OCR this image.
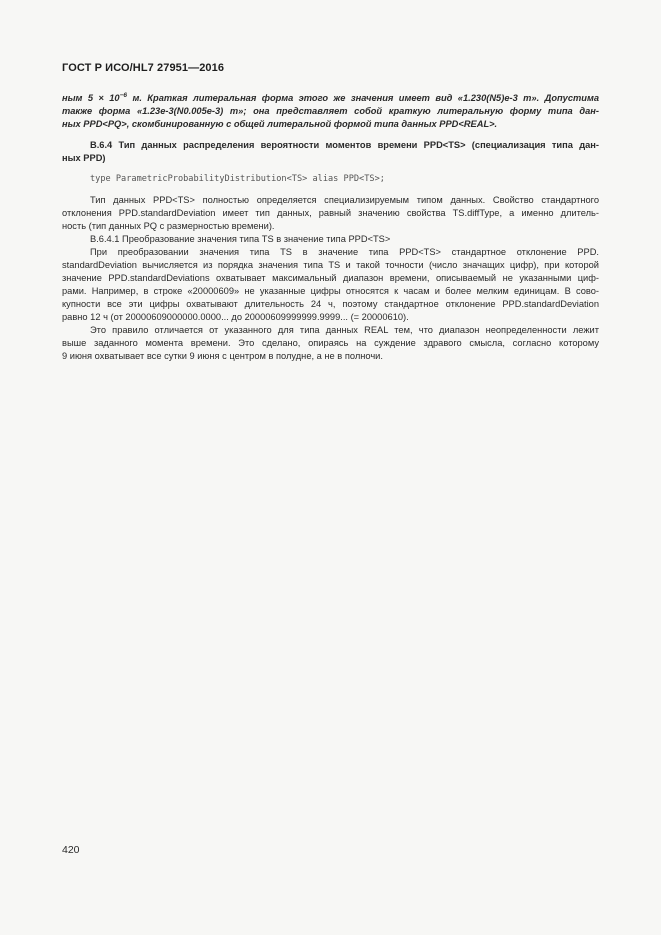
ГОСТ Р ИСО/HL7 27951—2016
ным $5 \times 10^{-6}$ м. Краткая литеральная форма этого же значения имеет вид «1.230(N5)e-3 m». Допустима
также форма «1.23e-3(N0.005e-3) m»; она представляет собой краткую литеральную форму типа дан-
ных PPD<PQ>, скомбинированную с общей литеральной формой типа данных PPD<REAL>.
В.6.4 Тип данных распределения вероятности моментов времени PPD<TS> (специализация типа дан-
ных PPD)
type ParametricProbabilityDistribution<TS> alias PPD<TS>;
Тип данных PPD<TS> полностью определяется специализируемым типом данных. Свойство стандартного
отклонения PPD.standardDeviation имеет тип данных, равный значению свойства TS.diffType, а именно длитель-
ность (тип данных PQ с размерностью времени).
В.6.4.1 Преобразование значения типа TS в значение типа PPD<TS>
При преобразовании значения типа TS в значение типа PPD<TS> стандартное отклонение PPD.
standardDeviation вычисляется из порядка значения типа TS и такой точности (число значащих цифр), при которой
значение PPD.standardDeviations охватывает максимальный диапазон времени, описываемый не указанными циф-
рами. Например, в строке «20000609» не указанные цифры относятся к часам и более мелким единицам. В сово-
купности все эти цифры охватывают длительность 24 ч, поэтому стандартное отклонение PPD.standardDeviation
равно 12 ч (от 20000609000000.0000... до 20000609999999.9999... (= 20000610).
Это правило отличается от указанного для типа данных REAL тем, что диапазон неопределенности лежит
выше заданного момента времени. Это сделано, опираясь на суждение здравого смысла, согласно которому
9 июня охватывает все сутки 9 июня с центром в полудне, а не в полночи.
420
